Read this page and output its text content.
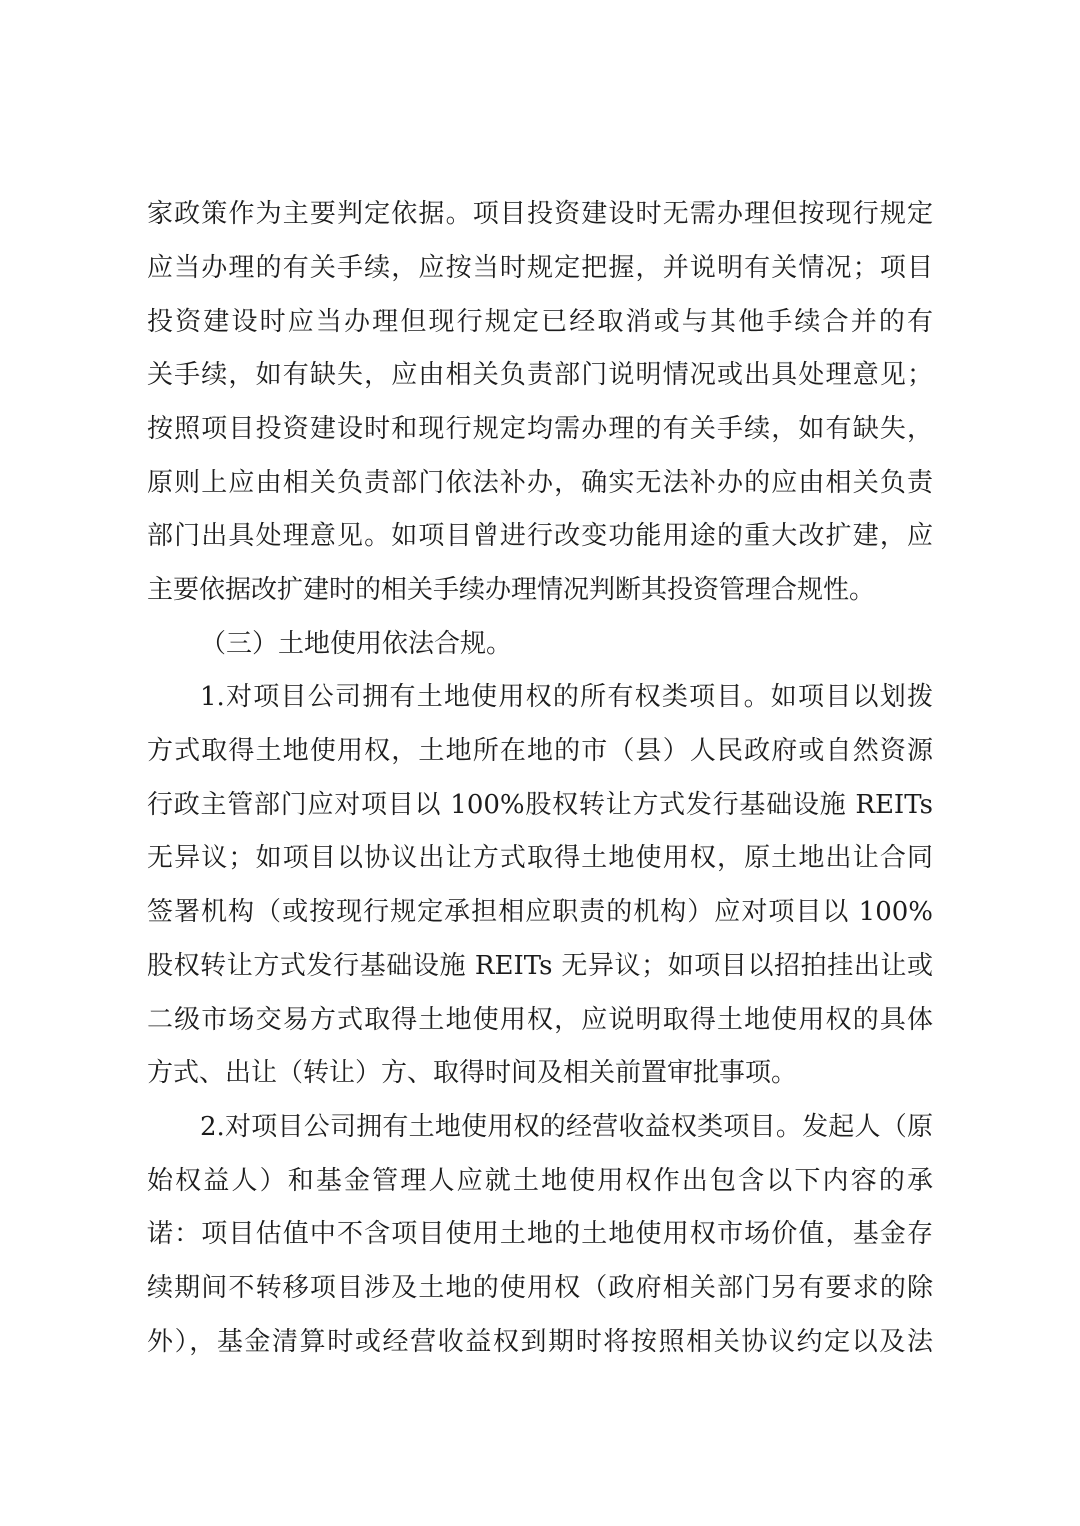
家政策作为主要判定依据。项目投资建设时无需办理但按现行规定
应当办理的有关手续，应按当时规定把握，并说明有关情况；项目
投资建设时应当办理但现行规定已经取消或与其他手续合并的有
关手续，如有缺失，应由相关负责部门说明情况或出具处理意见；
按照项目投资建设时和现行规定均需办理的有关手续，如有缺失，
原则上应由相关负责部门依法补办，确实无法补办的应由相关负责
部门出具处理意见。如项目曾进行改变功能用途的重大改扩建，应
主要依据改扩建时的相关手续办理情况判断其投资管理合规性。
（三）土地使用依法合规。
1.对项目公司拥有土地使用权的所有权类项目。如项目以划拨
方式取得土地使用权，土地所在地的市（县）人民政府或自然资源
行政主管部门应对项目以 100%股权转让方式发行基础设施 REITs
无异议；如项目以协议出让方式取得土地使用权，原土地出让合同
签署机构（或按现行规定承担相应职责的机构）应对项目以 100%
股权转让方式发行基础设施 REITs 无异议；如项目以招拍挂出让或
二级市场交易方式取得土地使用权，应说明取得土地使用权的具体
方式、出让（转让）方、取得时间及相关前置审批事项。
2.对项目公司拥有土地使用权的经营收益权类项目。发起人（原
始权益人）和基金管理人应就土地使用权作出包含以下内容的承
诺：项目估值中不含项目使用土地的土地使用权市场价值，基金存
续期间不转移项目涉及土地的使用权（政府相关部门另有要求的除
外），基金清算时或经营收益权到期时将按照相关协议约定以及法
